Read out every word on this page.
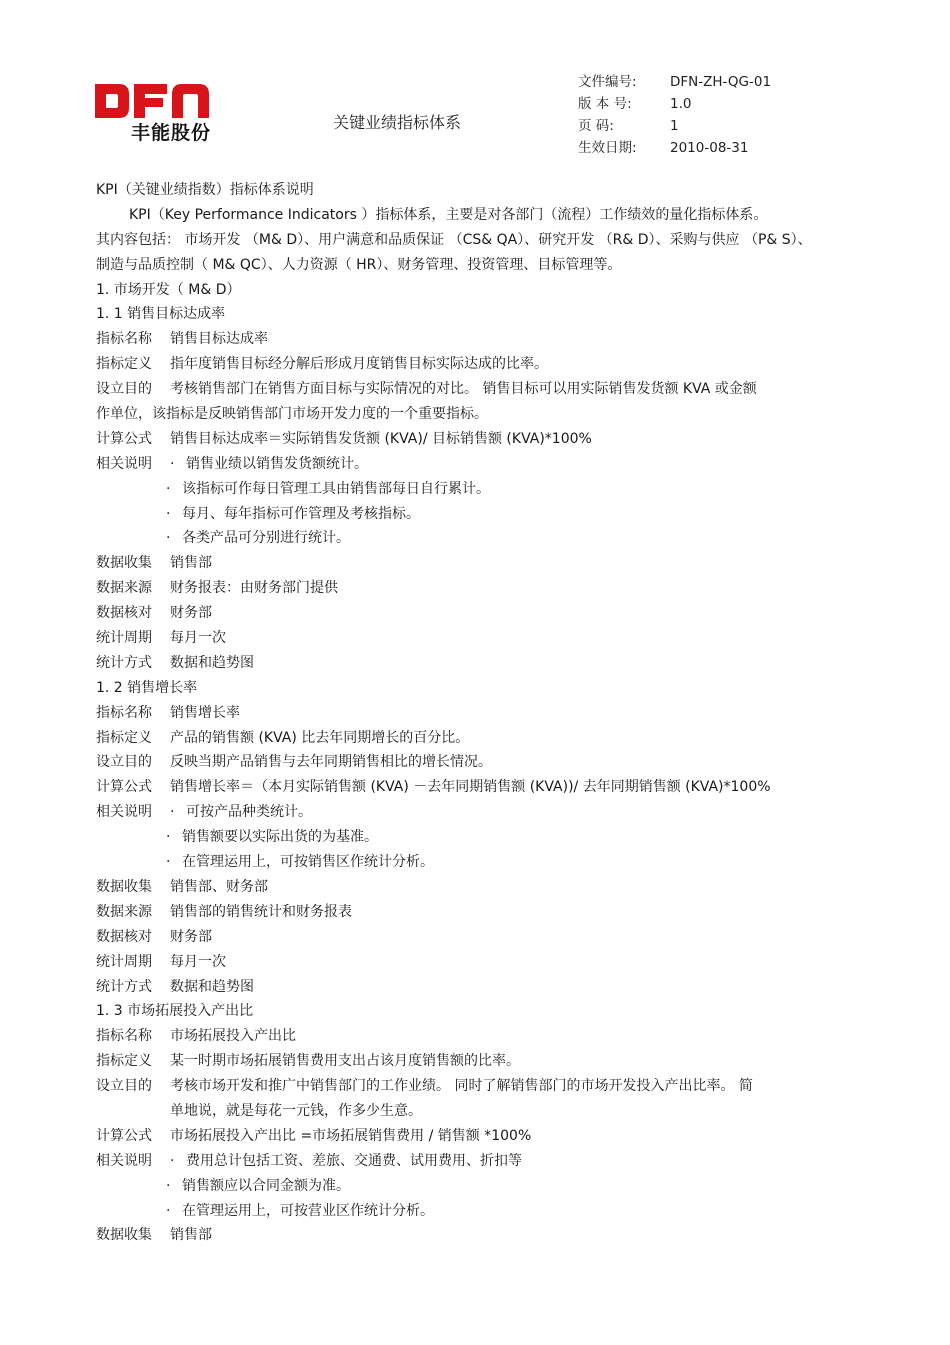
丰能股份	关键业绩指标体系
文件编号: DFN-ZH-QG-01
版 本 号:	1.0
页 码:	1
生效日期: 2010-08-31
KPI（关键业绩指数）指标体系说明
KPI（Key Performance Indicators ）指标体系，主要是对各部门（流程）工作绩效的量化指标体系。
其内容包括： 市场开发 （M& D）、用户满意和品质保证 （CS& QA）、研究开发 （R& D）、采购与供应 （P& S）、
制造与品质控制（ M& QC）、人力资源（ HR）、财务管理、投资管理、目标管理等。
1. 市场开发（ M& D）
1. 1 销售目标达成率
指标名称 销售目标达成率
指标定义 指年度销售目标经分解后形成月度销售目标实际达成的比率。
设立目的 考核销售部门在销售方面目标与实际情况的对比。 销售目标可以用实际销售发货额 KVA 或金额
作单位，该指标是反映销售部门市场开发力度的一个重要指标。
计算公式 销售目标达成率＝实际销售发货额 (KVA)/ 目标销售额 (KVA)*100%
相关说明 · 销售业绩以销售发货额统计。
· 该指标可作每日管理工具由销售部每日自行累计。
· 每月、每年指标可作管理及考核指标。
· 各类产品可分别进行统计。
数据收集 销售部
数据来源 财务报表：由财务部门提供
数据核对 财务部
统计周期 每月一次
统计方式 数据和趋势图
1. 2 销售增长率
指标名称 销售增长率
指标定义 产品的销售额 (KVA) 比去年同期增长的百分比。
设立目的 反映当期产品销售与去年同期销售相比的增长情况。
计算公式 销售增长率＝（本月实际销售额 (KVA) －去年同期销售额 (KVA))/ 去年同期销售额 (KVA)*100%
相关说明 · 可按产品种类统计。
· 销售额要以实际出货的为基准。
· 在管理运用上，可按销售区作统计分析。
数据收集 销售部、财务部
数据来源 销售部的销售统计和财务报表
数据核对 财务部
统计周期 每月一次
统计方式 数据和趋势图
1. 3 市场拓展投入产出比
指标名称 市场拓展投入产出比
指标定义 某一时期市场拓展销售费用支出占该月度销售额的比率。
设立目的 考核市场开发和推广中销售部门的工作业绩。 同时了解销售部门的市场开发投入产出比率。 简
单地说，就是每花一元钱，作多少生意。
计算公式 市场拓展投入产出比 =市场拓展销售费用 / 销售额 *100%
相关说明 · 费用总计包括工资、差旅、交通费、试用费用、折扣等
· 销售额应以合同金额为准。
· 在管理运用上，可按营业区作统计分析。
数据收集 销售部
